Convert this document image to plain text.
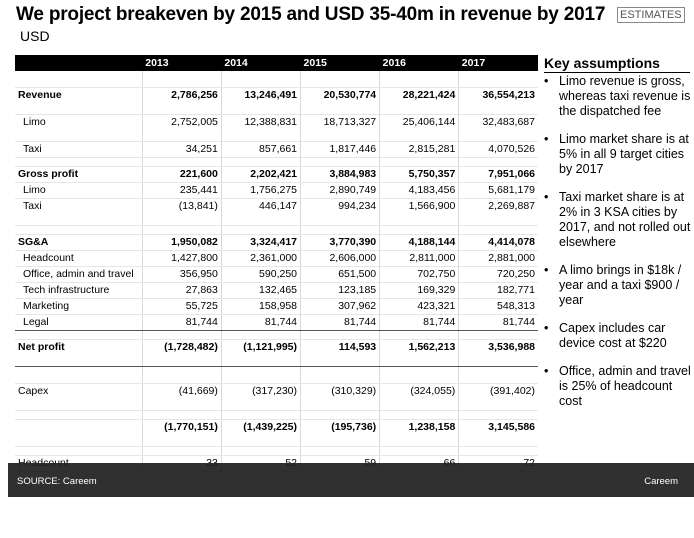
We project breakeven by 2015 and USD 35-40m in revenue by 2017 ESTIMATES
USD
	2013	2014	2015	2016	2017

Revenue	2,786,256	13,246,491	20,530,774	28,221,424	36,554,213
Limo	2,752,005	12,388,831	18,713,327	25,406,144	32,483,687
Taxi	34,251	857,661	1,817,446	2,815,281	4,070,526

Gross profit	221,600	2,202,421	3,884,983	5,750,357	7,951,066
Limo	235,441	1,756,275	2,890,749	4,183,456	5,681,179
Taxi	(13,841)	446,147	994,234	1,566,900	2,269,887

SG&A	1,950,082	3,324,417	3,770,390	4,188,144	4,414,078
Headcount	1,427,800	2,361,000	2,606,000	2,811,000	2,881,000
Office, admin and travel	356,950	590,250	651,500	702,750	720,250
Tech infrastructure	27,863	132,465	123,185	169,329	182,771
Marketing	55,725	158,958	307,962	423,321	548,313
Legal	81,744	81,744	81,744	81,744	81,744

Net profit	(1,728,482)	(1,121,995)	114,593	1,562,213	3,536,988

Capex	(41,669)	(317,230)	(310,329)	(324,055)	(391,402)

	(1,770,151)	(1,439,225)	(195,736)	1,238,158	3,145,586

Key assumptions
• Limo revenue is gross, whereas taxi revenue is the dispatched fee
• Limo market share is at 5% in all 9 target cities by 2017
• Taxi market share is at 2% in 3 KSA cities by 2017, and not rolled out elsewhere
• A limo brings in $18k / year and a taxi $900 / year
• Capex includes car device cost at $220
• Office, admin and travel is 25% of headcount cost
SOURCE: Careem	Careem
